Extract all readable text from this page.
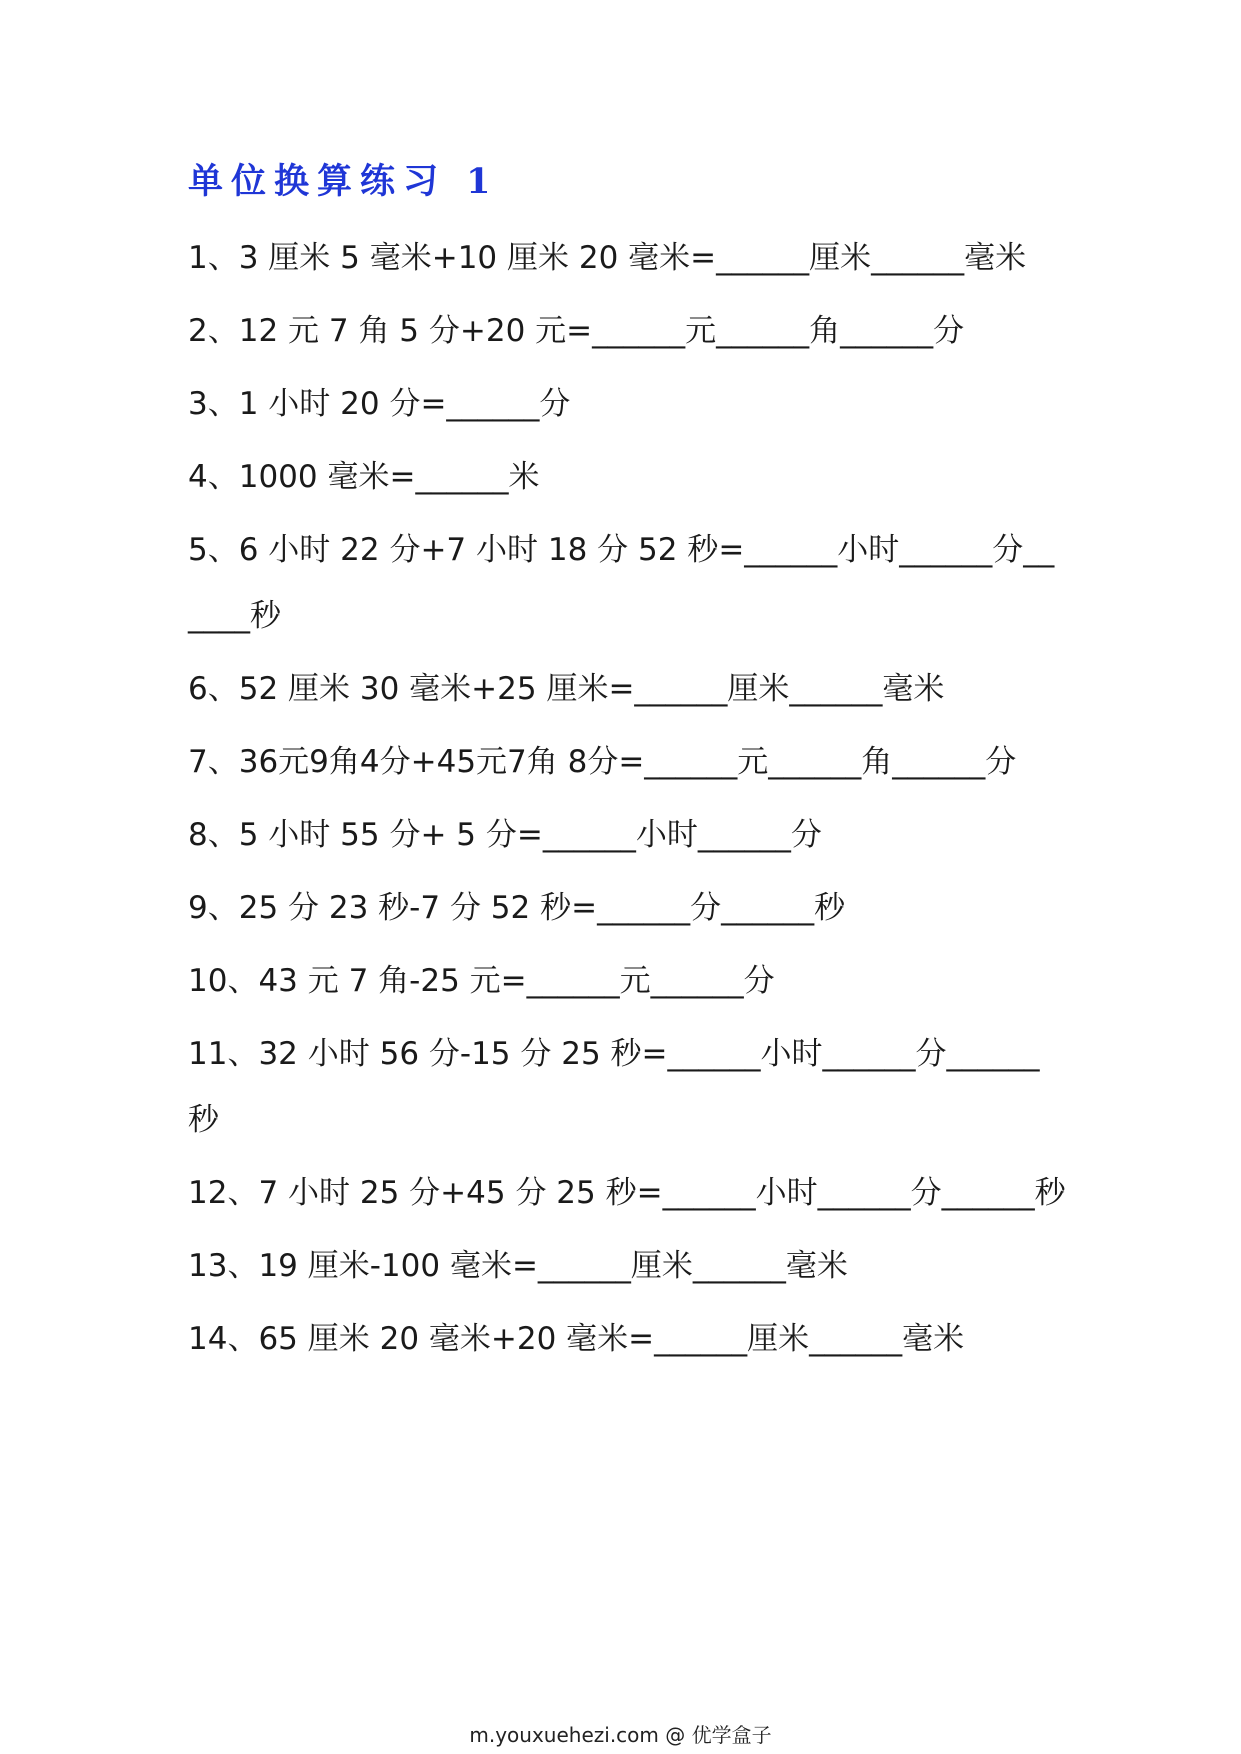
单位换算练习 1
1、3 厘米 5 毫米+10 厘米 20 毫米=______厘米______毫米
2、12 元 7 角 5 分+20 元=______元______角______分
3、1 小时 20 分=______分
4、1000 毫米=______米
5、6 小时 22 分+7 小时 18 分 52 秒=______小时______分______秒
6、52 厘米 30 毫米+25 厘米=______厘米______毫米
7、36元9角4分+45元7角 8分=______元______角______分
8、5 小时 55 分+ 5 分=______小时______分
9、25 分 23 秒-7 分 52 秒=______分______秒
10、43 元 7 角-25 元=______元______分
11、32 小时 56 分-15 分 25 秒=______小时______分______秒
12、7 小时 25 分+45 分 25 秒=______小时______分______秒
13、19 厘米-100 毫米=______厘米______毫米
14、65 厘米 20 毫米+20 毫米=______厘米______毫米
m.youxuehezi.com @ 优学盒子
